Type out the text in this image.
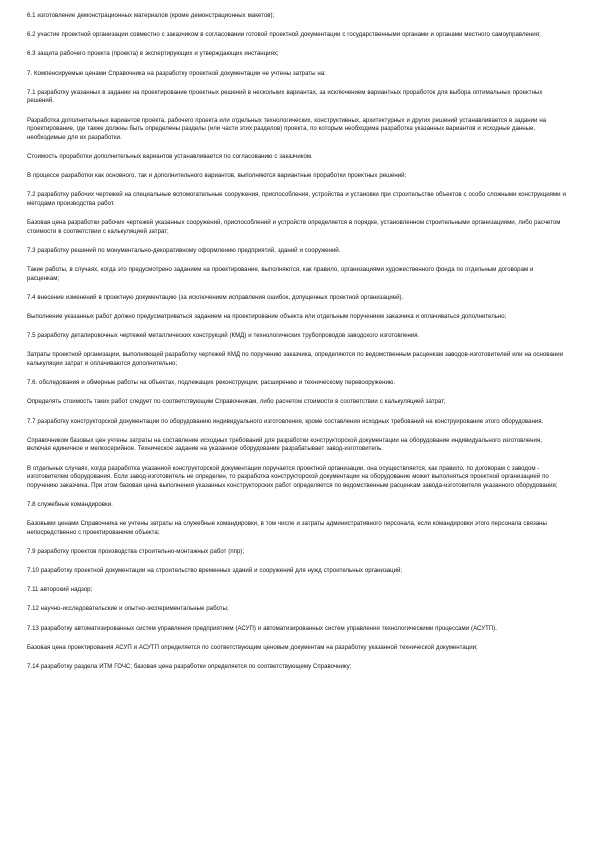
6.1 изготовление демонстрационных материалов (кроме демонстрационных макетов);

6.2 участие проектной организации совместно с заказчиком в согласовании готовой проектной документации с государственными органами и органами местного самоуправления;

6.3 защита рабочего проекта (проекта) в экспертирующих и утверждающих инстанциях;

7. Компенсируемые ценами Справочника на разработку проектной документации не учтены затраты на:

7.1 разработку указанных в задании на проектирование проектных решений в нескольких вариантах, за исключением вариантных проработок для выбора оптимальных проектных решений.

Разработка дополнительных вариантов проекта, рабочего проекта или отдельных технологических, конструктивных, архитектурных и других решений устанавливается в задании на проектирование, где также должны быть определены разделы (или части этих разделов) проекта, по которым необходима разработка указанных вариантов и исходные данные, необходимые для их разработки.

Стоимость проработки дополнительных вариантов устанавливается по согласованию с заказчиком.

В процессе разработки как основного, так и дополнительного вариантов, выполняются вариантные проработки проектных решений;

7.2 разработку рабочих чертежей на специальные вспомогательные сооружения, приспособления, устройства и установки при строительстве объектов с особо сложными конструкциями и методами производства работ.

Базовая цена разработки рабочих чертежей указанных сооружений, приспособлений и устройств определяется в порядке, установленном строительными организациями, либо расчетом стоимости в соответствии с калькуляцией затрат;

7.3 разработку решений по монументально-декоративному оформлению предприятий, зданий и сооружений.

Такие работы, в случаях, когда это предусмотрено заданием на проектирование, выполняются, как правило, организациями художественного фонда по отдельным договорам и расценкам;

7.4 внесение изменений в проектную документацию (за исключением исправления ошибок, допущенных проектной организацией).

Выполнение указанных работ должно предусматриваться заданием на проектирование объекта или отдельным поручением заказчика и оплачиваться дополнительно;

7.5 разработку деталировочных чертежей металлических конструкций (КМД) и технологических трубопроводов заводского изготовления.

Затраты проектной организации, выполняющей разработку чертежей КМД по поручению заказчика, определяются по ведомственным расценкам заводов-изготовителей или на основании калькуляции затрат и оплачиваются дополнительно;

7.6. обследования и обмерные работы на объектах, подлежащих реконструкции, расширению и техническому перевооружению.

Определять стоимость таких работ следует по соответствующим Справочникам, либо расчетом стоимости в соответствии с калькуляцией затрат;

7.7 разработку конструкторской документации по оборудованию индивидуального изготовления, кроме составления исходных требований на конструирование этого оборудования.

Справочником базовых цен учтены затраты на составление исходных требований для разработки конструкторской документации на оборудование индивидуального изготовления, включая единичное и мелкосерийное. Техническое задание на указанное оборудование разрабатывает завод-изготовитель.

В отдельных случаях, когда разработка указанной конструкторской документации поручается проектной организации, она осуществляется, как правило, по договорам с заводом - изготовителем оборудования. Если завод-изготовитель не определен, то разработка конструкторской документации на оборудование может выполняться проектной организацией по поручению заказчика. При этом базовая цена выполнения указанных конструкторских работ определяется по ведомственным расценкам завода-изготовителя указанного оборудования;

7.8 служебные командировки.

Базовыми ценами Справочника не учтены затраты на служебные командировки, в том числе и затраты административного персонала, если командировки этого персонала связаны непосредственно с проектированием объекта;

7.9 разработку проектов производства строительно-монтажных работ (ппр);

7.10 разработку проектной документации на строительство временных зданий и сооружений для нужд строительных организаций;

7.11 авторский надзор;

7.12 научно-исследовательские и опытно-экспериментальные работы;

7.13 разработку автоматизированных систем управления предприятием (АСУП) и автоматизированных систем управления технологическими процессами (АСУТП).

Базовая цена проектирования АСУП и АСУТП определяется по соответствующим ценовым документам на разработку указанной технической документации;

7.14 разработку раздела ИТМ ГОЧС; базовая цена разработки определяется по соответствующему Справочнику;
